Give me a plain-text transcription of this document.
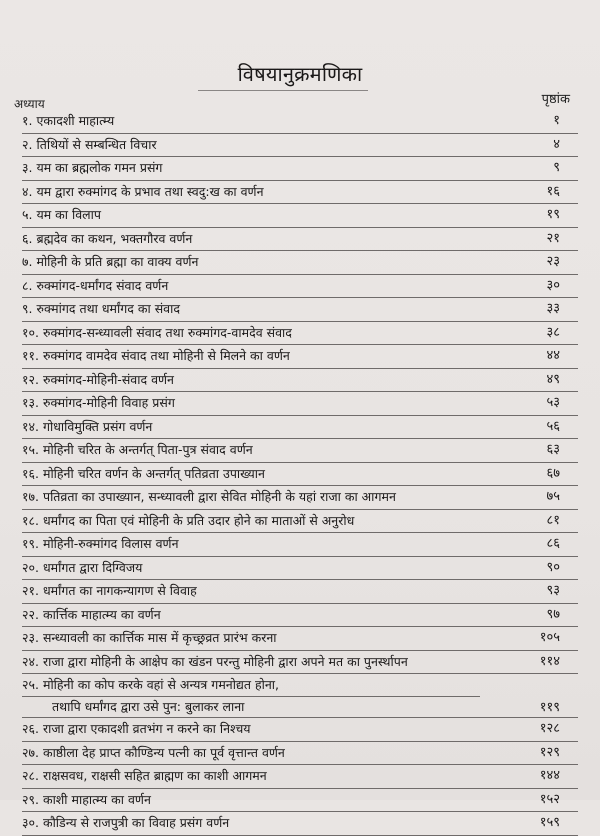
विषयानुक्रमणिका
अध्याय	पृष्ठांक
१. एकादशी माहात्म्य	१
२. तिथियों से सम्बन्धित विचार	४
३. यम का ब्रह्मलोक गमन प्रसंग	९
४. यम द्वारा रुक्मांगद के प्रभाव तथा स्वदु:ख का वर्णन	१६
५. यम का विलाप	१९
६. ब्रह्मदेव का कथन, भक्तगौरव वर्णन	२१
७. मोहिनी के प्रति ब्रह्मा का वाक्य वर्णन	२३
८. रुक्मांगद-धर्मांगद संवाद वर्णन	३०
९. रुक्मांगद तथा धर्मांगद का संवाद	३३
१०. रुक्मांगद-सन्ध्यावली संवाद तथा रुक्मांगद-वामदेव संवाद	३८
११. रुक्मांगद वामदेव संवाद तथा मोहिनी से मिलने का वर्णन	४४
१२. रुक्मांगद-मोहिनी-संवाद वर्णन	४९
१३. रुक्मांगद-मोहिनी विवाह प्रसंग	५३
१४. गोधाविमुक्ति प्रसंग वर्णन	५६
१५. मोहिनी चरित के अन्तर्गत् पिता-पुत्र संवाद वर्णन	६३
१६. मोहिनी चरित वर्णन के अन्तर्गत् पतिव्रता उपाख्यान	६७
१७. पतिव्रता का उपाख्यान, सन्ध्यावली द्वारा सेवित मोहिनी के यहां राजा का आगमन	७५
१८. धर्मांगद का पिता एवं मोहिनी के प्रति उदार होने का माताओं से अनुरोध	८१
१९. मोहिनी-रुक्मांगद विलास वर्णन	८६
२०. धर्मांगत द्वारा दिग्विजय	९०
२१. धर्मांगत का नागकन्यागण से विवाह	९३
२२. कार्त्तिक माहात्म्य का वर्णन	९७
२३. सन्ध्यावली का कार्त्तिक मास में कृच्छ्रव्रत प्रारंभ करना	१०५
२४. राजा द्वारा मोहिनी के आक्षेप का खंडन परन्तु मोहिनी द्वारा अपने मत का पुनर्स्थापन	११४
२५. मोहिनी का कोप करके वहां से अन्यत्र गमनोद्यत होना,
तथापि धर्मांगद द्वारा उसे पुन: बुलाकर लाना	११९
२६. राजा द्वारा एकादशी व्रतभंग न करने का निश्चय	१२८
२७. काष्ठीला देह प्राप्त कौण्डिन्य पत्नी का पूर्व वृत्तान्त वर्णन	१२९
२८. राक्षसवध, राक्षसी सहित ब्राह्मण का काशी आगमन	१४४
२९. काशी माहात्म्य का वर्णन	१५२
३०. कौडिन्य से राजपुत्री का विवाह प्रसंग वर्णन	१५९
